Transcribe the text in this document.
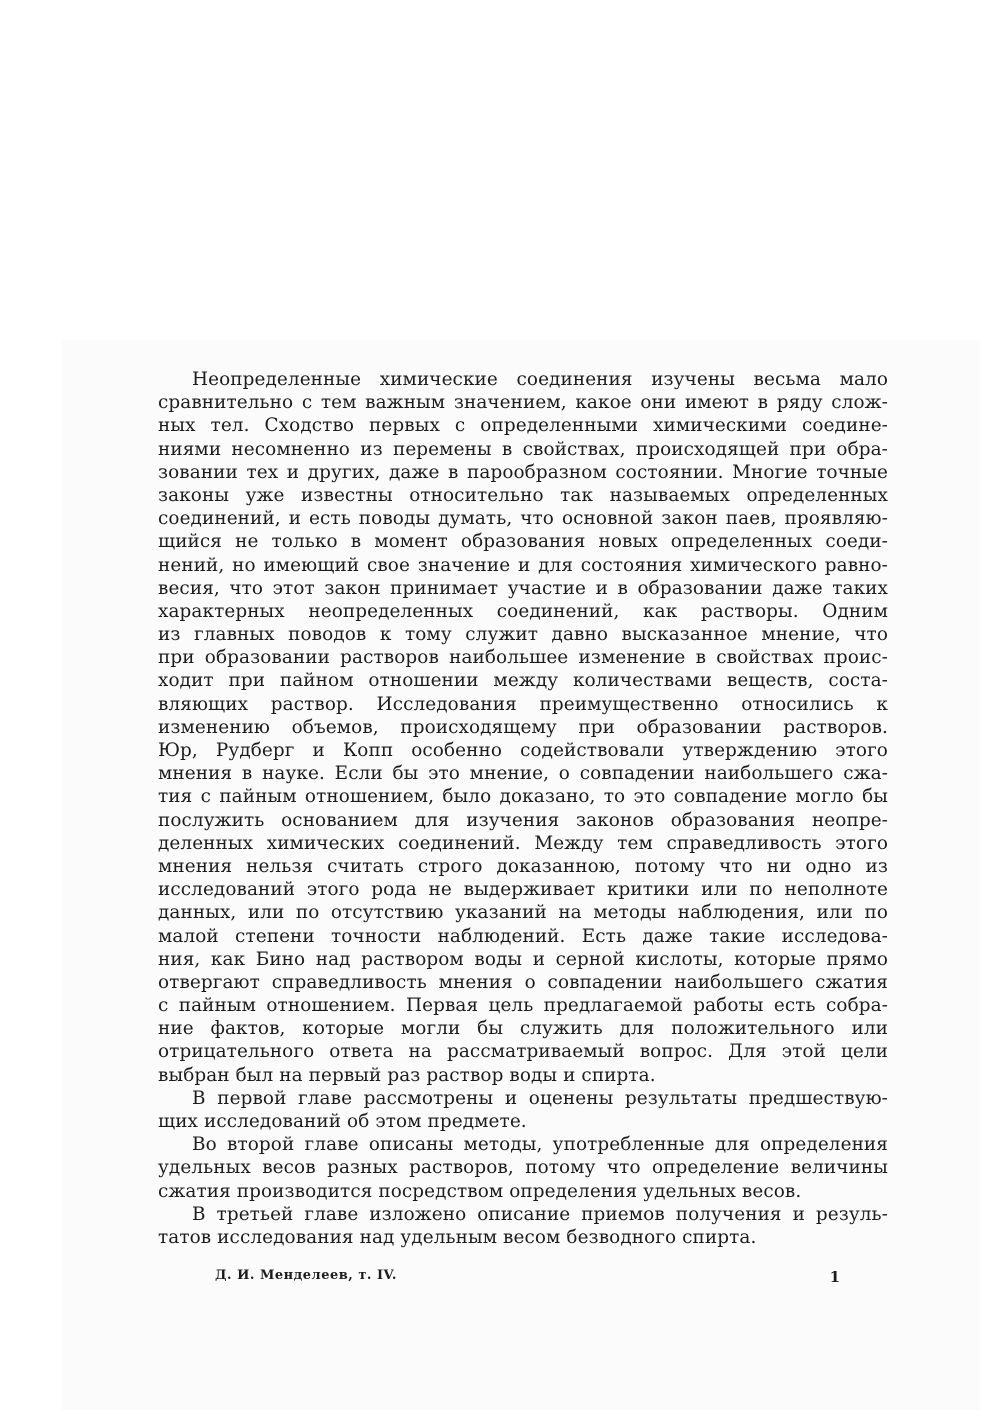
Неопределенные химические соединения изучены весьма мало
сравнительно с тем важным значением, какое они имеют в ряду слож-
ных тел. Сходство первых с определенными химическими соедине-
ниями несомненно из перемены в свойствах, происходящей при обра-
зовании тех и других, даже в парообразном состоянии. Многие точные
законы уже известны относительно так называемых определенных
соединений, и есть поводы думать, что основной закон паев, проявляю-
щийся не только в момент образования новых определенных соеди-
нений, но имеющий свое значение и для состояния химического равно-
весия, что этот закон принимает участие и в образовании даже таких
характерных неопределенных соединений, как растворы. Одним
из главных поводов к тому служит давно высказанное мнение, что
при образовании растворов наибольшее изменение в свойствах проис-
ходит при пайном отношении между количествами веществ, соста-
вляющих раствор. Исследования преимущественно относились к
изменению объемов, происходящему при образовании растворов.
Юр, Рудберг и Копп особенно содействовали утверждению этого
мнения в науке. Если бы это мнение, о совпадении наибольшего сжа-
тия с пайным отношением, было доказано, то это совпадение могло бы
послужить основанием для изучения законов образования неопре-
деленных химических соединений. Между тем справедливость этого
мнения нельзя считать строго доказанною, потому что ни одно из
исследований этого рода не выдерживает критики или по неполноте
данных, или по отсутствию указаний на методы наблюдения, или по
малой степени точности наблюдений. Есть даже такие исследова-
ния, как Бино над раствором воды и серной кислоты, которые прямо
отвергают справедливость мнения о совпадении наибольшего сжатия
с пайным отношением. Первая цель предлагаемой работы есть собра-
ние фактов, которые могли бы служить для положительного или
отрицательного ответа на рассматриваемый вопрос. Для этой цели
выбран был на первый раз раствор воды и спирта.
В первой главе рассмотрены и оценены результаты предшествую-
щих исследований об этом предмете.
Во второй главе описаны методы, употребленные для определения
удельных весов разных растворов, потому что определение величины
сжатия производится посредством определения удельных весов.
В третьей главе изложено описание приемов получения и резуль-
татов исследования над удельным весом безводного спирта.
Д. И. Менделеев, т. IV.	1
